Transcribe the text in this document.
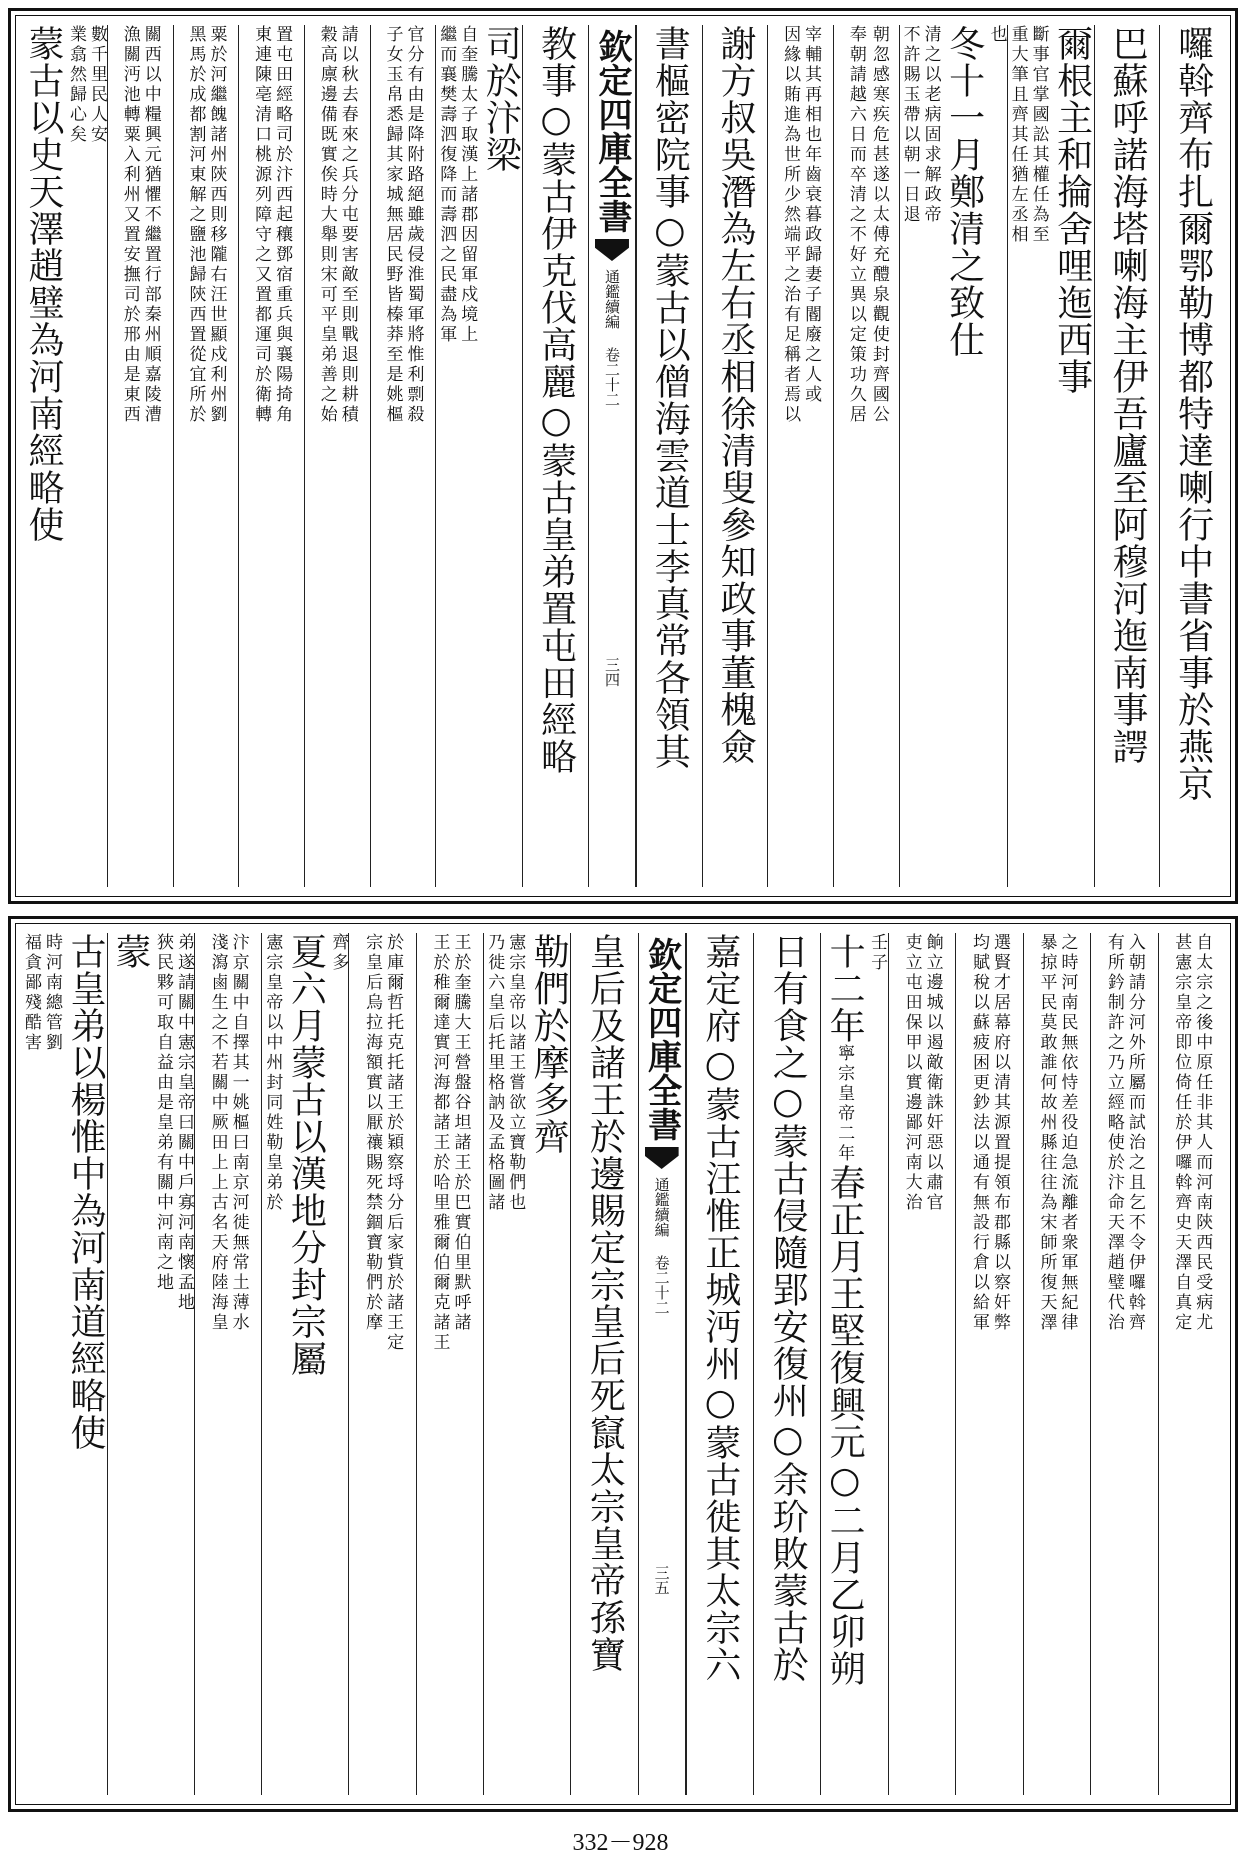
囉斡齊布扎爾鄂勒博都特達喇行中書省事於燕京
巴蘇呼諾海塔喇海主伊吾廬至阿穆河迤南事諤
爾根主和掄舍哩迤西事
斷事官掌國訟其權任為至
重大筆且齊其任猶左丞相
也
冬十一月鄭清之致仕
清之以老病固求解政帝
不許賜玉帶以朝一日退
朝忽感寒疾危甚遂以太傅充醴泉觀使封齊國公
奉朝請越六日而卒清之不好立異以定策功久居
宰輔其再相也年齒衰暮政歸妻子閽廢之人或
因緣以賄進為世所少然端平之治有足稱者焉以
謝方叔吳潛為左右丞相徐清叟參知政事董槐僉
書樞密院事○蒙古以僧海雲道士李真常各領其
欽定四庫全書
通鑑續編 卷二十二
三四
教事○蒙古伊克伐高麗○蒙古皇弟置屯田經略
司於汴梁
自奎騰太子取漢上諸郡因留軍戍境上
繼而襄樊壽泗復降而壽泗之民盡為軍
官分有由是降附路絕雖歲侵淮蜀軍將惟利剽殺
子女玉帛悉歸其家城無居民野皆榛莽至是姚樞
請以秋去春來之兵分屯要害敵至則戰退則耕積
穀高廪邊備既實俟時大舉則宋可平皇弟善之始
置屯田經略司於汴西起穰鄧宿重兵與襄陽掎角
東連陳亳清口桃源列障守之又置都運司於衛轉
粟於河繼餽諸州陝西則移隴右汪世顯戍利州劉
黑馬於成都割河東解之鹽池歸陝西置從宜所於
關西以中糧興元猶懼不繼置行部秦州順嘉陵漕
漁關沔池轉粟入利州又置安撫司於邢由是東西
數千里民人安
業翕然歸心矣
蒙古以史天澤趙璧為河南經略使
自太宗之後中原任非其人而河南陝西民受病尤
甚憲宗皇帝即位倚任於伊囉斡齊史天澤自真定
入朝請分河外所屬而試治之且乞不令伊囉斡齊
有所鈐制許之乃立經略使於汴命天澤趙璧代治
之時河南民無依恃差役迫急流離者衆軍無紀律
暴掠平民莫敢誰何故州縣往往為宋師所復天澤
選賢才居幕府以清其源置提領布郡縣以察奸弊
均賦稅以蘇疲困更鈔法以通有無設行倉以給軍
餉立邊城以遏敵衛誅奸惡以肅官
吏立屯田保甲以實邊鄙河南大治
壬子
十二年
寧宗皇帝二年
春正月王堅復興元○二月乙卯朔
日有食之○蒙古侵隨郢安復州○余玠敗蒙古於
嘉定府○蒙古汪惟正城沔州○蒙古徙其太宗六
欽定四庫全書
通鑑續編 卷二十二
三五
皇后及諸王於邊賜定宗皇后死竄太宗皇帝孫寶
勒們於摩多齊
憲宗皇帝以諸王嘗欲立寶勒們也
乃徙六皇后托里格訥及孟格圖諸
王於奎騰大王營盤谷坦諸王於巴實伯里默呼諸
王於稚爾達實河海都諸王於哈里雅爾伯爾克諸王
於庫爾哲托克托諸王於穎察埒分后家貲於諸王定
宗皇后烏拉海額實以厭禳賜死禁錮寶勒們於摩
齊多
夏六月蒙古以漢地分封宗屬
憲宗皇帝以中州封同姓勒皇弟於
汴京關中自擇其一姚樞曰南京河徙無常土薄水
淺瀉鹵生之不若關中厥田上上古名天府陸海皇
弟遂請關中憲宗皇帝曰關中戶寡河南懷孟地
狹民夥可取自益由是皇弟有關中河南之地
蒙
古皇弟以楊惟中為河南道經略使
時河南總管劉
福貪鄙殘酷害
332－928
